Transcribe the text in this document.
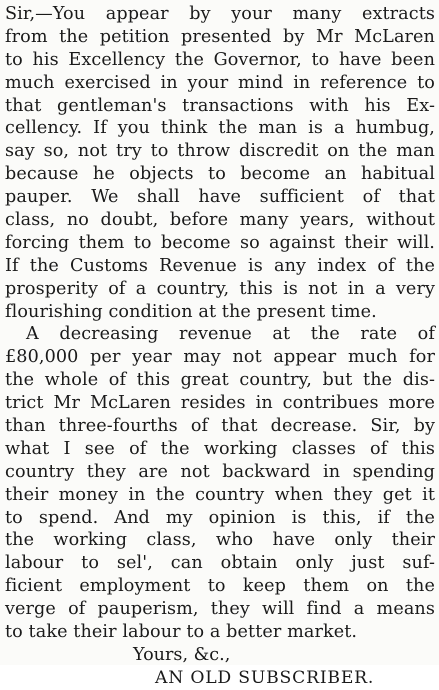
Sir,—You appear by your many extracts
from the petition presented by Mr McLaren
to his Excellency the Governor, to have been
much exercised in your mind in reference to
that gentleman's transactions with his Ex-
cellency. If you think the man is a humbug,
say so, not try to throw discredit on the man
because he objects to become an habitual
pauper. We shall have sufficient of that
class, no doubt, before many years, without
forcing them to become so against their will.
If the Customs Revenue is any index of the
prosperity of a country, this is not in a very
flourishing condition at the present time.
A decreasing revenue at the rate of
£80,000 per year may not appear much for
the whole of this great country, but the dis-
trict Mr McLaren resides in contribues more
than three-fourths of that decrease. Sir, by
what I see of the working classes of this
country they are not backward in spending
their money in the country when they get it
to spend. And my opinion is this, if the
the working class, who have only their
labour to sel', can obtain only just suf-
ficient employment to keep them on the
verge of pauperism, they will find a means
to take their labour to a better market.
Yours, &c.,
AN OLD SUBSCRIBER.
